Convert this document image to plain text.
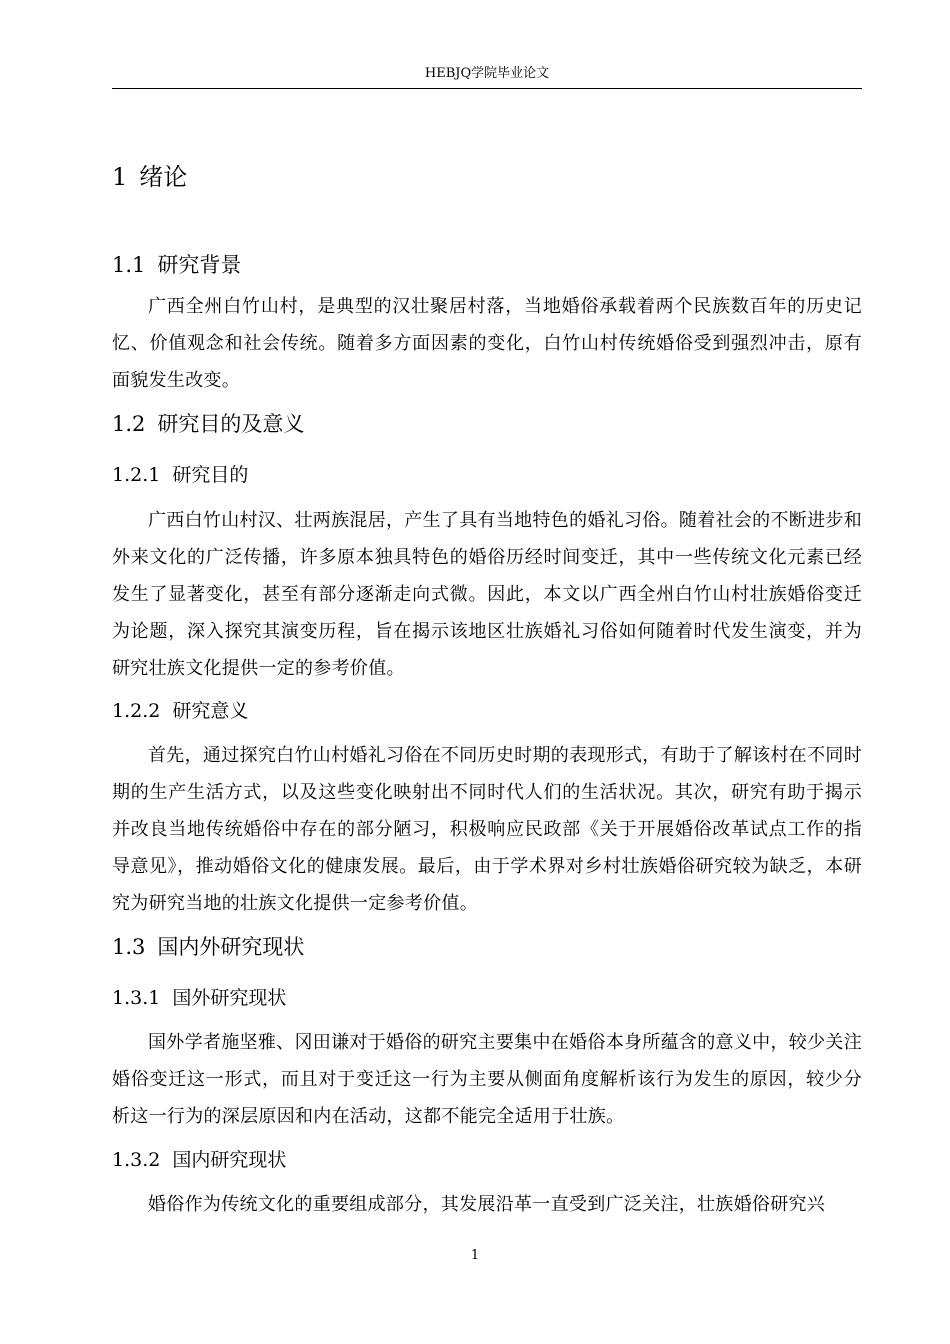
HEBJQ学院毕业论文
1 绪论
1.1 研究背景
广西全州白竹山村，是典型的汉壮聚居村落，当地婚俗承载着两个民族数百年的历史记忆、价值观念和社会传统。随着多方面因素的变化，白竹山村传统婚俗受到强烈冲击，原有面貌发生改变。
1.2 研究目的及意义
1.2.1 研究目的
广西白竹山村汉、壮两族混居，产生了具有当地特色的婚礼习俗。随着社会的不断进步和外来文化的广泛传播，许多原本独具特色的婚俗历经时间变迁，其中一些传统文化元素已经发生了显著变化，甚至有部分逐渐走向式微。因此，本文以广西全州白竹山村壮族婚俗变迁为论题，深入探究其演变历程，旨在揭示该地区壮族婚礼习俗如何随着时代发生演变，并为研究壮族文化提供一定的参考价值。
1.2.2 研究意义
首先，通过探究白竹山村婚礼习俗在不同历史时期的表现形式，有助于了解该村在不同时期的生产生活方式，以及这些变化映射出不同时代人们的生活状况。其次，研究有助于揭示并改良当地传统婚俗中存在的部分陋习，积极响应民政部《关于开展婚俗改革试点工作的指导意见》，推动婚俗文化的健康发展。最后，由于学术界对乡村壮族婚俗研究较为缺乏，本研究为研究当地的壮族文化提供一定参考价值。
1.3 国内外研究现状
1.3.1 国外研究现状
国外学者施坚雅、冈田谦对于婚俗的研究主要集中在婚俗本身所蕴含的意义中，较少关注婚俗变迁这一形式，而且对于变迁这一行为主要从侧面角度解析该行为发生的原因，较少分析这一行为的深层原因和内在活动，这都不能完全适用于壮族。
1.3.2 国内研究现状
婚俗作为传统文化的重要组成部分，其发展沿革一直受到广泛关注，壮族婚俗研究兴
1
